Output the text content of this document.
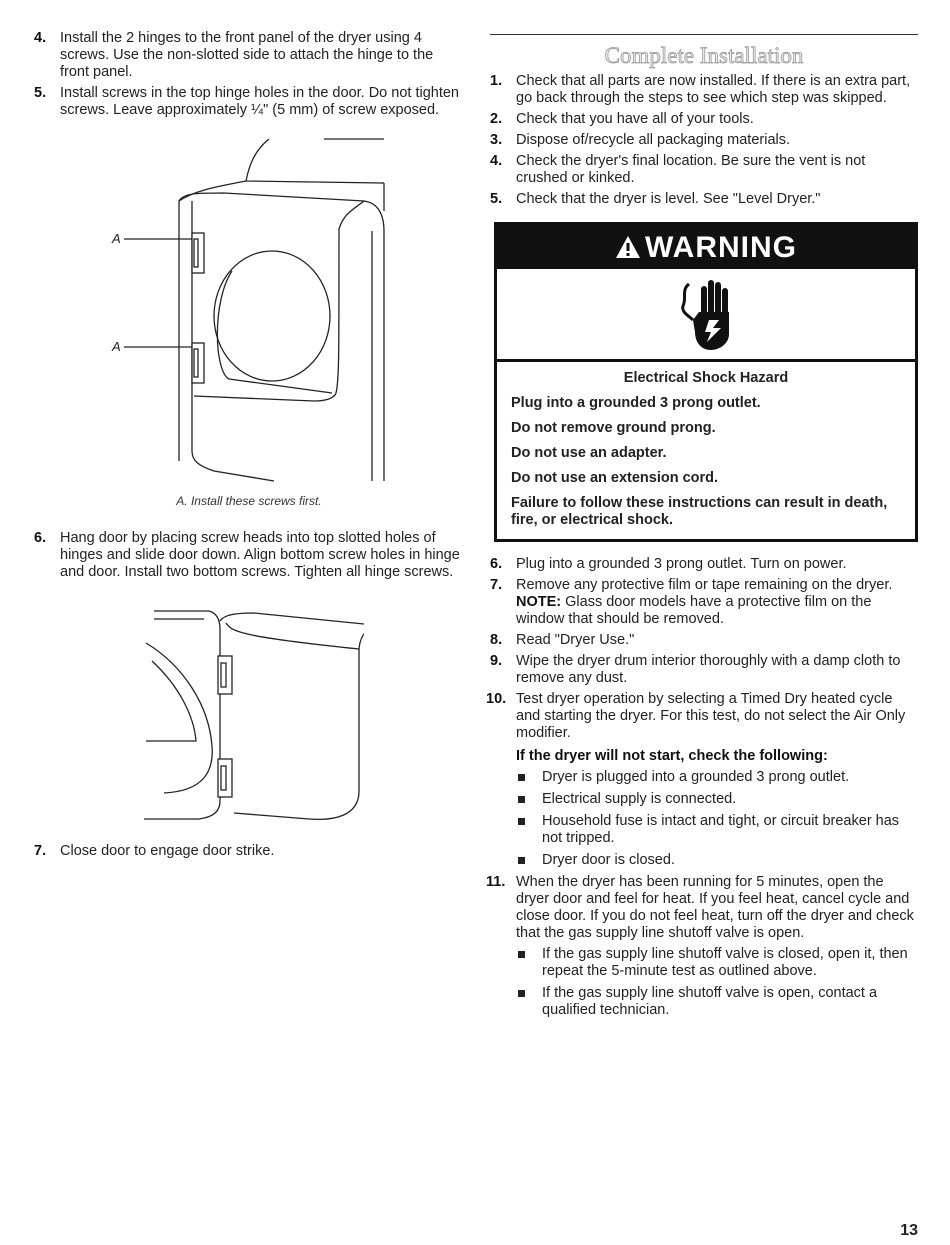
4. Install the 2 hinges to the front panel of the dryer using 4 screws. Use the non-slotted side to attach the hinge to the front panel.

5. Install screws in the top hinge holes in the door. Do not tighten screws. Leave approximately ¼" (5 mm) of screw exposed.

A
A
A. Install these screws first.
6. Hang door by placing screw heads into top slotted holes of hinges and slide door down. Align bottom screw holes in hinge and door. Install two bottom screws. Tighten all hinge screws.

7. Close door to engage door strike.

Complete Installation
1. Check that all parts are now installed. If there is an extra part, go back through the steps to see which step was skipped.

2. Check that you have all of your tools.

3. Dispose of/recycle all packaging materials.

4. Check the dryer's final location. Be sure the vent is not crushed or kinked.

5. Check that the dryer is level. See "Level Dryer."

WARNING
Electrical Shock Hazard

Plug into a grounded 3 prong outlet.

Do not remove ground prong.

Do not use an adapter.

Do not use an extension cord.

Failure to follow these instructions can result in death, fire, or electrical shock.

6. Plug into a grounded 3 prong outlet. Turn on power.

7. Remove any protective film or tape remaining on the dryer.

NOTE: Glass door models have a protective film on the window that should be removed.

8. Read "Dryer Use."

9. Wipe the dryer drum interior thoroughly with a damp cloth to remove any dust.

10. Test dryer operation by selecting a Timed Dry heated cycle and starting the dryer. For this test, do not select the Air Only modifier.

If the dryer will not start, check the following:
Dryer is plugged into a grounded 3 prong outlet.
Electrical supply is connected.
Household fuse is intact and tight, or circuit breaker has not tripped.
Dryer door is closed.
11. When the dryer has been running for 5 minutes, open the dryer door and feel for heat. If you feel heat, cancel cycle and close door. If you do not feel heat, turn off the dryer and check that the gas supply line shutoff valve is open.

If the gas supply line shutoff valve is closed, open it, then repeat the 5-minute test as outlined above.
If the gas supply line shutoff valve is open, contact a qualified technician.
13
